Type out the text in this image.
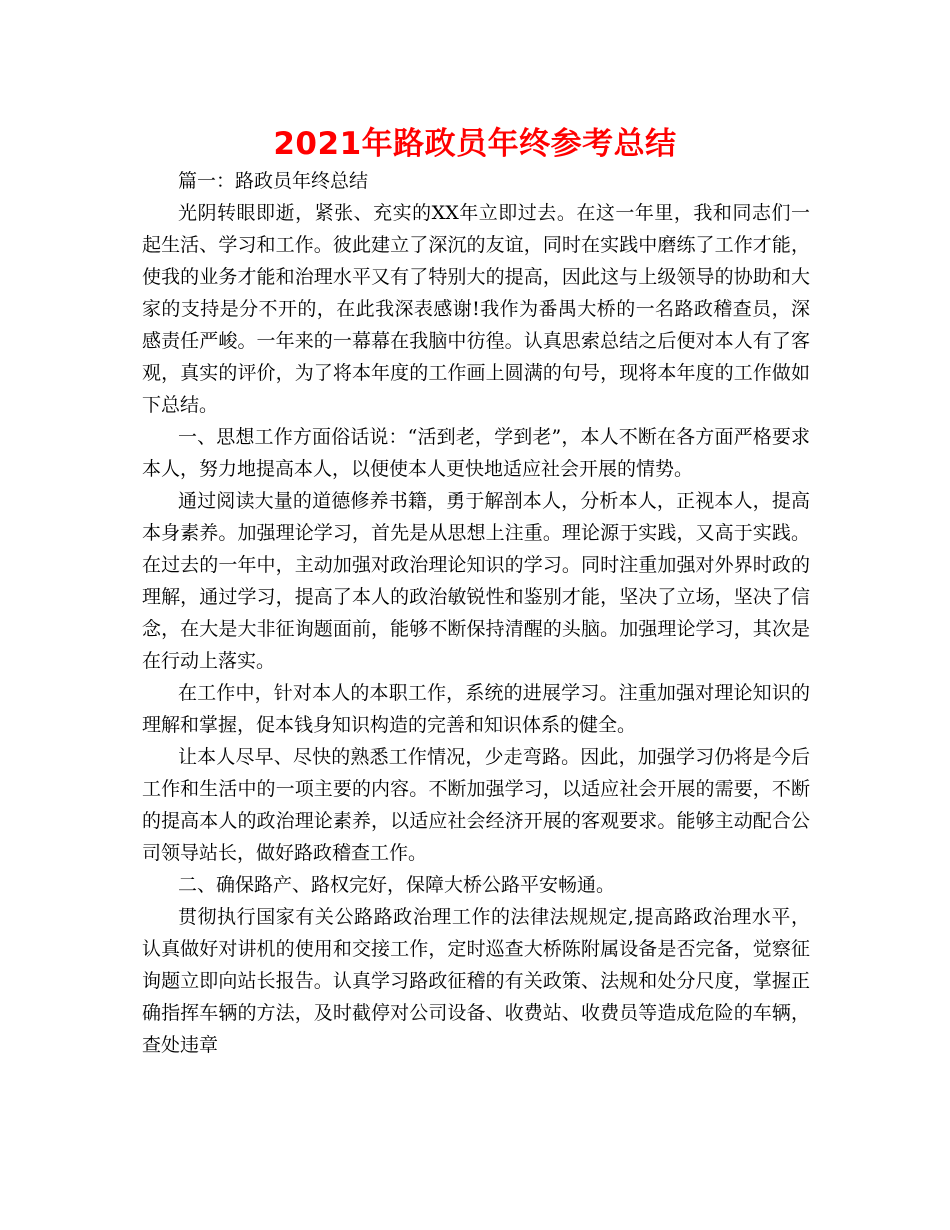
2021年路政员年终参考总结

篇一：路政员年终总结

光阴转眼即逝，紧张、充实的XX年立即过去。在这一年里，我和同志们一起生活、学习和工作。彼此建立了深沉的友谊，同时在实践中磨练了工作才能，使我的业务才能和治理水平又有了特别大的提高，因此这与上级领导的协助和大家的支持是分不开的，在此我深表感谢!我作为番禺大桥的一名路政稽查员，深感责任严峻。一年来的一幕幕在我脑中彷徨。认真思索总结之后便对本人有了客观，真实的评价，为了将本年度的工作画上圆满的句号，现将本年度的工作做如下总结。

一、思想工作方面俗话说：“活到老，学到老”，本人不断在各方面严格要求本人，努力地提高本人，以便使本人更快地适应社会开展的情势。

通过阅读大量的道德修养书籍，勇于解剖本人，分析本人，正视本人，提高本身素养。加强理论学习，首先是从思想上注重。理论源于实践，又高于实践。在过去的一年中，主动加强对政治理论知识的学习。同时注重加强对外界时政的理解，通过学习，提高了本人的政治敏锐性和鉴别才能，坚决了立场，坚决了信念，在大是大非征询题面前，能够不断保持清醒的头脑。加强理论学习，其次是在行动上落实。

在工作中，针对本人的本职工作，系统的进展学习。注重加强对理论知识的理解和掌握，促本钱身知识构造的完善和知识体系的健全。

让本人尽早、尽快的熟悉工作情况，少走弯路。因此，加强学习仍将是今后工作和生活中的一项主要的内容。不断加强学习，以适应社会开展的需要，不断的提高本人的政治理论素养，以适应社会经济开展的客观要求。能够主动配合公司领导站长，做好路政稽查工作。

二、确保路产、路权完好，保障大桥公路平安畅通。

贯彻执行国家有关公路路政治理工作的法律法规规定,提高路政治理水平，认真做好对讲机的使用和交接工作，定时巡查大桥陈附属设备是否完备，觉察征询题立即向站长报告。认真学习路政征稽的有关政策、法规和处分尺度，掌握正确指挥车辆的方法，及时截停对公司设备、收费站、收费员等造成危险的车辆，查处违章
